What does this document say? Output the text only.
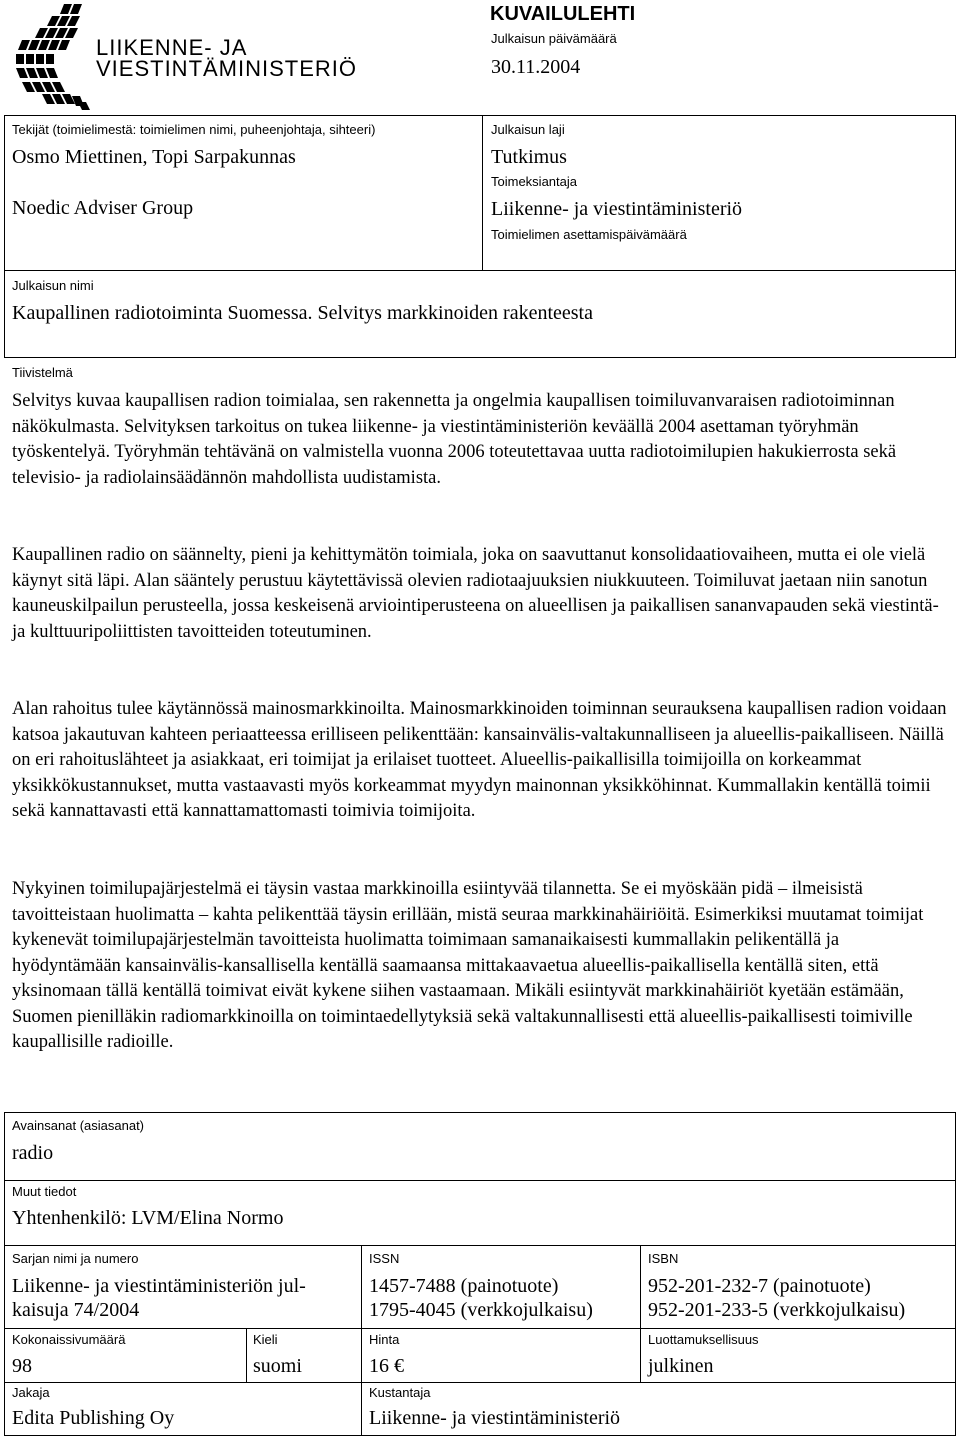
LIIKENNE- JA
VIESTINTÄMINISTERIÖ
KUVAILULEHTI
Julkaisun päivämäärä
30.11.2004
Tekijät (toimielimestä: toimielimen nimi, puheenjohtaja, sihteeri)
Osmo Miettinen, Topi Sarpakunnas
Noedic Adviser Group
Julkaisun laji
Tutkimus
Toimeksiantaja
Liikenne- ja viestintäministeriö
Toimielimen asettamispäivämäärä
Julkaisun nimi
Kaupallinen radiotoiminta Suomessa. Selvitys markkinoiden rakenteesta
Tiivistelmä

Selvitys kuvaa kaupallisen radion toimialaa, sen rakennetta ja ongelmia kaupallisen toimiluvanvaraisen radiotoiminnan näkökulmasta. Selvityksen tarkoitus on tukea liikenne- ja viestintäministeriön keväällä 2004 asettaman työryhmän työskentelyä. Työryhmän tehtävänä on valmistella vuonna 2006 toteutettavaa uutta radiotoimilupien hakukierrosta sekä televisio- ja radiolainsäädännön mahdollista uudistamista.

Kaupallinen radio on säännelty, pieni ja kehittymätön toimiala, joka on saavuttanut konsolidaatiovaiheen, mutta ei ole vielä käynyt sitä läpi. Alan sääntely perustuu käytettävissä olevien radiotaajuuksien niukkuuteen. Toimiluvat jaetaan niin sanotun kauneuskilpailun perusteella, jossa keskeisenä arviointiperusteena on alueellisen ja paikallisen sananvapauden sekä viestintä- ja kulttuuripoliittisten tavoitteiden toteutuminen.

Alan rahoitus tulee käytännössä mainosmarkkinoilta. Mainosmarkkinoiden toiminnan seurauksena kaupallisen radion voidaan katsoa jakautuvan kahteen periaatteessa erilliseen pelikenttään: kansainvälis-valtakunnalliseen ja alueellis-paikalliseen. Näillä on eri rahoituslähteet ja asiakkaat, eri toimijat ja erilaiset tuotteet. Alueellis-paikallisilla toimijoilla on korkeammat yksikkökustannukset, mutta vastaavasti myös korkeammat myydyn mainonnan yksikköhinnat. Kummallakin kentällä toimii sekä kannattavasti että kannattamattomasti toimivia toimijoita.

Nykyinen toimilupajärjestelmä ei täysin vastaa markkinoilla esiintyvää tilannetta. Se ei myöskään pidä – ilmeisistä tavoitteistaan huolimatta – kahta pelikenttää täysin erillään, mistä seuraa markkinahäiriöitä. Esimerkiksi muutamat toimijat kykenevät toimilupajärjestelmän tavoitteista huolimatta toimimaan samanaikaisesti kummallakin pelikentällä ja hyödyntämään kansainvälis-kansallisella kentällä saamaansa mittakaavaetua alueellis-paikallisella kentällä siten, että yksinomaan tällä kentällä toimivat eivät kykene siihen vastaamaan. Mikäli esiintyvät markkinahäiriöt kyetään estämään, Suomen pienilläkin radiomarkkinoilla on toimintaedellytyksiä sekä valtakunnallisesti että alueellis-paikallisesti toimiville kaupallisille radioille.

Avainsanat (asiasanat)
radio
Muut tiedot
Yhtenhenkilö: LVM/Elina Normo
Sarjan nimi ja numero
Liikenne- ja viestintäministeriön jul-
kaisuja 74/2004
ISSN
1457-7488 (painotuote)
1795-4045 (verkkojulkaisu)
ISBN
952-201-232-7 (painotuote)
952-201-233-5 (verkkojulkaisu)
Kokonaissivumäärä
98
Kieli
suomi
Hinta
16 €
Luottamuksellisuus
julkinen
Jakaja
Edita Publishing Oy
Kustantaja
Liikenne- ja viestintäministeriö
